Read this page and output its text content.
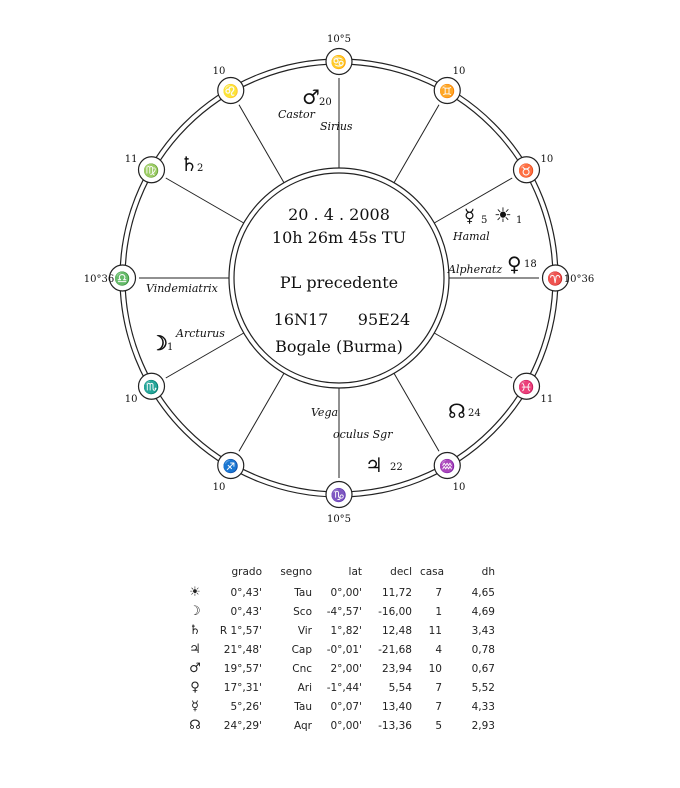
♋
10°5
♊
10
♉
10
♈ 10°36
♓
11
♒
10
♑
10°5
♐
10
♏
10
♎
10°36
♍
11
♌
10
20 . 4 . 2008
10h 26m 45s TU
PL precedente
16N17 95E24
Bogale (Burma)
♂ 20
♄ 2
☿ 5 ☀ 1
♀ 18
☽ 1
☊ 24
♃ 22
Castor
Sirius
Hamal
Alpheratz
Vindemiatrix
Arcturus
Vega
oculus Sgr
	grado	segno	lat	decl	casa	dh
☀	0°,43'	Tau	0°,00'	11,72	7	4,65
☽	0°,43'	Sco	-4°,57'	-16,00	1	4,69
♄	R 1°,57'	Vir	1°,82'	12,48	11	3,43
♃	21°,48'	Cap	-0°,01'	-21,68	4	0,78
♂	19°,57'	Cnc	2°,00'	23,94	10	0,67
♀	17°,31'	Ari	-1°,44'	5,54	7	5,52
☿	5°,26'	Tau	0°,07'	13,40	7	4,33
☊	24°,29'	Aqr	0°,00'	-13,36	5	2,93
